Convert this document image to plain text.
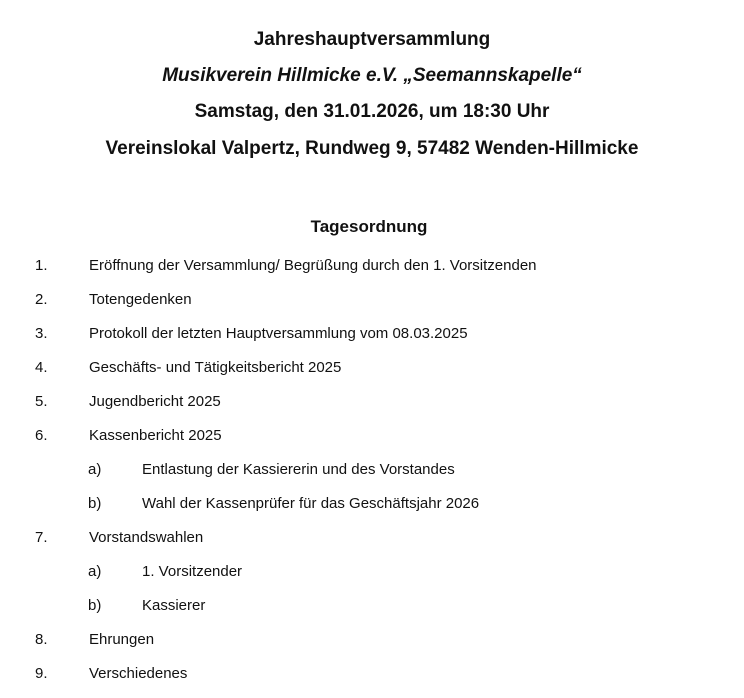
Jahreshauptversammlung
Musikverein Hillmicke e.V. „Seemannskapelle“
Samstag, den 31.01.2026, um 18:30 Uhr
Vereinslokal Valpertz, Rundweg 9, 57482 Wenden-Hillmicke
Tagesordnung
1.	Eröffnung der Versammlung/ Begrüßung durch den 1. Vorsitzenden
2.	Totengedenken
3.	Protokoll der letzten Hauptversammlung vom 08.03.2025
4.	Geschäfts- und Tätigkeitsbericht 2025
5.	Jugendbericht 2025
6.	Kassenbericht 2025
a)	Entlastung der Kassiererin und des Vorstandes
b)	Wahl der Kassenprüfer für das Geschäftsjahr 2026
7.	Vorstandswahlen
a)	1. Vorsitzender
b)	Kassierer
8.	Ehrungen
9.	Verschiedenes
